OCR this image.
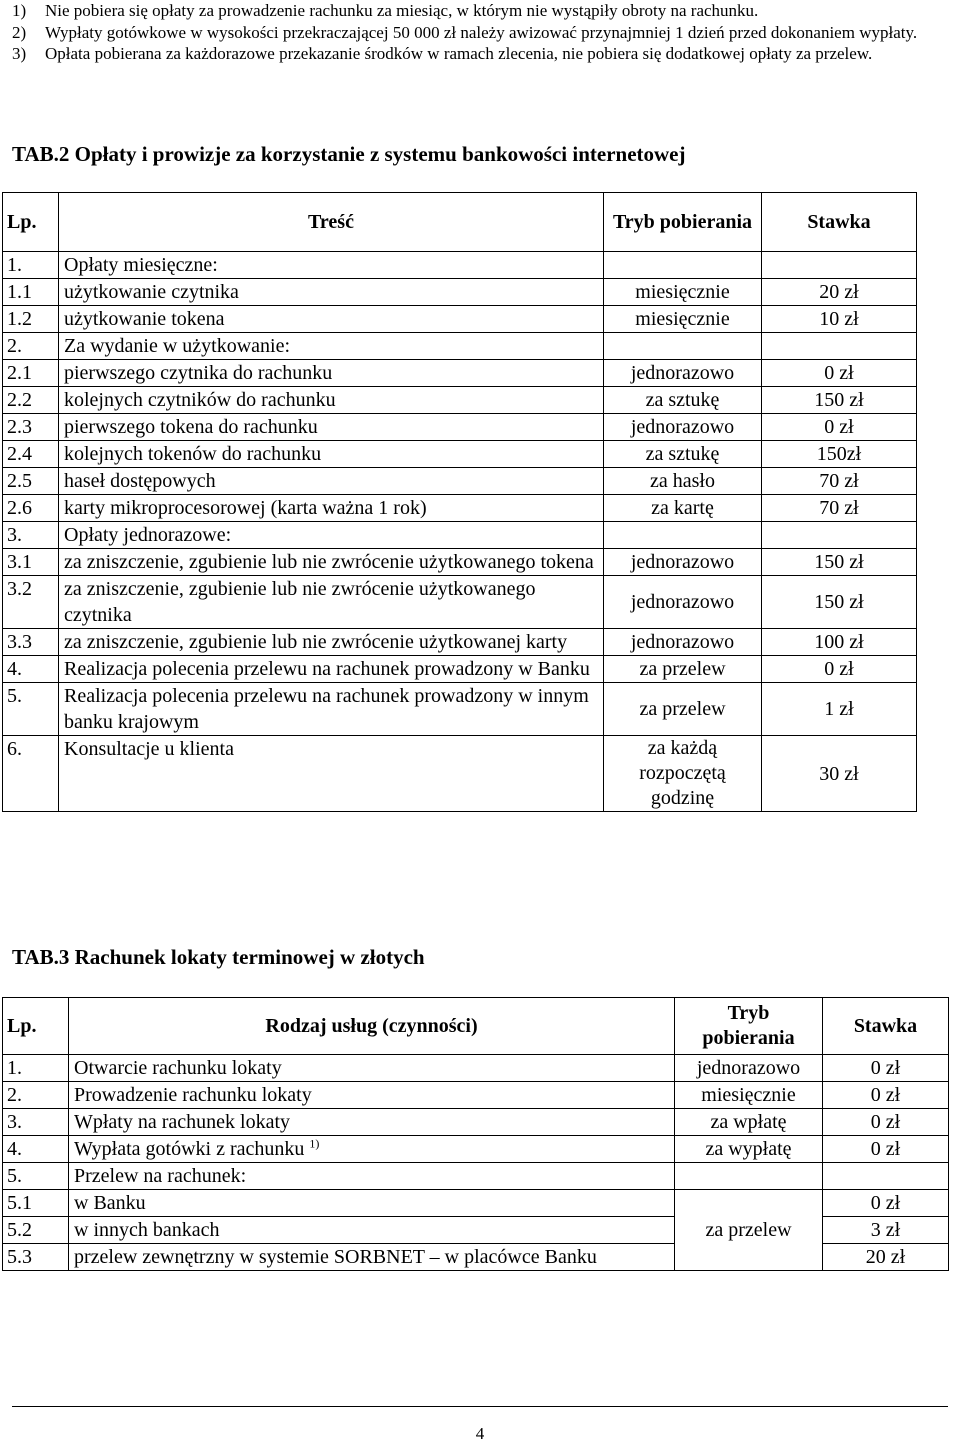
1)	Nie pobiera się opłaty za prowadzenie rachunku za miesiąc, w którym nie wystąpiły obroty na rachunku.
2)	Wypłaty gotówkowe w wysokości przekraczającej 50 000 zł należy awizować przynajmniej 1 dzień przed dokonaniem wypłaty.
3)	Opłata pobierana za każdorazowe przekazanie środków w ramach zlecenia, nie pobiera się dodatkowej opłaty za przelew.
TAB.2 Opłaty i prowizje za korzystanie z systemu bankowości internetowej
Lp.	Treść	Tryb pobierania	Stawka
1.	Opłaty miesięczne:		
1.1	użytkowanie czytnika	miesięcznie	20 zł
1.2	użytkowanie tokena	miesięcznie	10 zł
2.	Za wydanie w użytkowanie:		
2.1	pierwszego czytnika do rachunku	jednorazowo	0 zł
2.2	kolejnych czytników do rachunku	za sztukę	150 zł
2.3	pierwszego tokena do rachunku	jednorazowo	0 zł
2.4	kolejnych tokenów do rachunku	za sztukę	150zł
2.5	haseł dostępowych	za hasło	70 zł
2.6	karty mikroprocesorowej (karta ważna 1 rok)	za kartę	70 zł
3.	Opłaty jednorazowe:		
3.1	za zniszczenie, zgubienie lub nie zwrócenie użytkowanego tokena	jednorazowo	150 zł
3.2	za zniszczenie, zgubienie lub nie zwrócenie użytkowanego czytnika	jednorazowo	150 zł
3.3	za zniszczenie, zgubienie lub nie zwrócenie użytkowanej karty	jednorazowo	100 zł
4.	Realizacja polecenia przelewu na rachunek prowadzony w Banku	za przelew	0 zł
5.	Realizacja polecenia przelewu na rachunek prowadzony w innym banku krajowym	za przelew	1 zł
6.	Konsultacje u klienta	za każdą rozpoczętą godzinę	30 zł
TAB.3 Rachunek lokaty terminowej w złotych
Lp.	Rodzaj usług (czynności)	Tryb pobierania	Stawka
1.	Otwarcie rachunku lokaty	jednorazowo	0 zł
2.	Prowadzenie rachunku lokaty	miesięcznie	0 zł
3.	Wpłaty na rachunek lokaty	za wpłatę	0 zł
4.	Wypłata gotówki z rachunku $^{1)}$	za wypłatę	0 zł
5.	Przelew na rachunek:		
5.1	w Banku	za przelew	0 zł
5.2	w innych bankach		3 zł
5.3	przelew zewnętrzny w systemie SORBNET – w placówce Banku		20 zł
4
